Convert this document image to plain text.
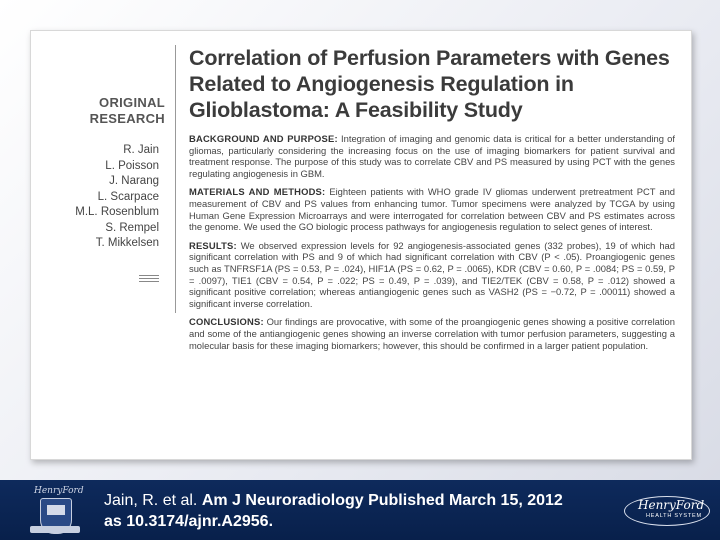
ORIGINAL
RESEARCH
R. Jain
L. Poisson
J. Narang
L. Scarpace
M.L. Rosenblum
S. Rempel
T. Mikkelsen
Correlation of Perfusion Parameters with Genes Related to Angiogenesis Regulation in Glioblastoma: A Feasibility Study

BACKGROUND AND PURPOSE: Integration of imaging and genomic data is critical for a better understanding of gliomas, particularly considering the increasing focus on the use of imaging biomarkers for patient survival and treatment response. The purpose of this study was to correlate CBV and PS measured by using PCT with the genes regulating angiogenesis in GBM.

MATERIALS AND METHODS: Eighteen patients with WHO grade IV gliomas underwent pretreatment PCT and measurement of CBV and PS values from enhancing tumor. Tumor specimens were analyzed by TCGA by using Human Gene Expression Microarrays and were interrogated for correlation between CBV and PS estimates across the genome. We used the GO biologic process pathways for angiogenesis regulation to select genes of interest.

RESULTS: We observed expression levels for 92 angiogenesis-associated genes (332 probes), 19 of which had significant correlation with PS and 9 of which had significant correlation with CBV (P < .05). Proangiogenic genes such as TNFRSF1A (PS = 0.53, P = .024), HIF1A (PS = 0.62, P = .0065), KDR (CBV = 0.60, P = .0084; PS = 0.59, P = .0097), TIE1 (CBV = 0.54, P = .022; PS = 0.49, P = .039), and TIE2/TEK (CBV = 0.58, P = .012) showed a significant positive correlation; whereas antiangiogenic genes such as VASH2 (PS = −0.72, P = .00011) showed a significant inverse correlation.

CONCLUSIONS: Our findings are provocative, with some of the proangiogenic genes showing a positive correlation and some of the antiangiogenic genes showing an inverse correlation with tumor perfusion parameters, suggesting a molecular basis for these imaging biomarkers; however, this should be confirmed in a larger patient population.

HenryFord
Jain, R. et al. Am J Neuroradiology Published March 15, 2012
as 10.3174/ajnr.A2956.
HenryFord
HEALTH SYSTEM
